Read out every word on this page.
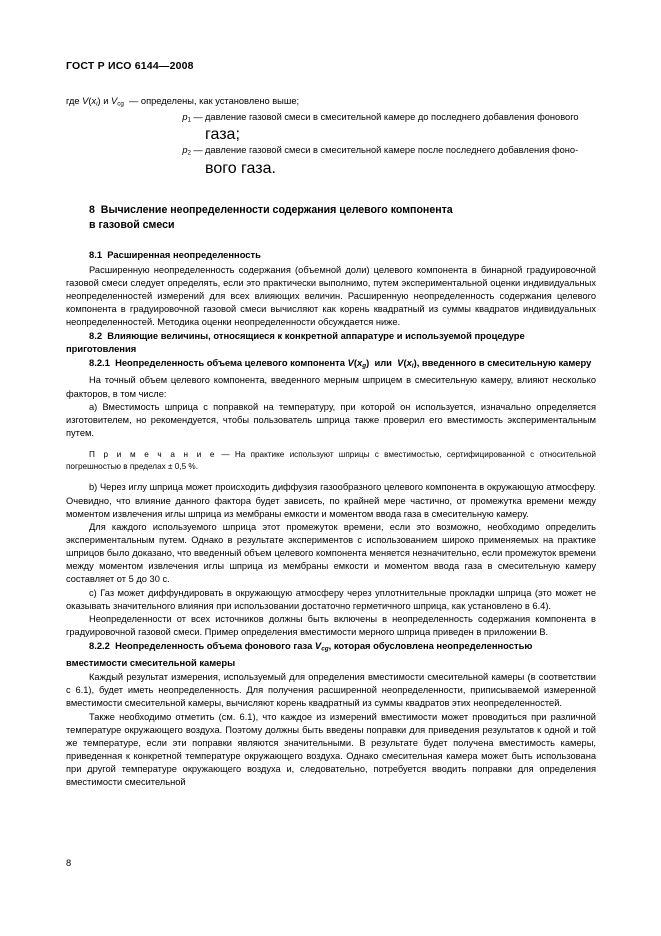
ГОСТ Р ИСО 6144—2008
где $V(x_i)$ и $V_{cg}$  — определены, как установлено выше;
$p_1$ — давление газовой смеси в смесительной камере до последнего добавления фонового
газа;
$p_2$ — давление газовой смеси в смесительной камере после последнего добавления фоно-
вого газа.
8 Вычисление неопределенности содержания целевого компонента
в газовой смеси
8.1 Расширенная неопределенность

Расширенную неопределенность содержания (объемной доли) целевого компонента в бинарной градуировочной газовой смеси следует определять, если это практически выполнимо, путем экспериментальной оценки индивидуальных неопределенностей измерений для всех влияющих величин. Расширенную неопределенность содержания целевого компонента в градуировочной газовой смеси вычисляют как корень квадратный из суммы квадратов индивидуальных неопределенностей. Методика оценки неопределенности обсуждается ниже.

8.2 Влияющие величины, относящиеся к конкретной аппаратуре и используемой процедуре приготовления
8.2.1 Неопределенность объема целевого компонента $V(x_g)$  или  $V(x_i)$, введенного в смесительную камеру

На точный объем целевого компонента, введенного мерным шприцем в смесительную камеру, влияют несколько факторов, в том числе:

а) Вместимость шприца с поправкой на температуру, при которой он используется, изначально определяется изготовителем, но рекомендуется, чтобы пользователь шприца также проверил его вместимость экспериментальным путем.

П р и м е ч а н и е — На практике используют шприцы с вместимостью, сертифицированной с относительной погрешностью в пределах ± 0,5 %.

b) Через иглу шприца может происходить диффузия газообразного целевого компонента в окружающую атмосферу. Очевидно, что влияние данного фактора будет зависеть, по крайней мере частично, от промежутка времени между моментом извлечения иглы шприца из мембраны емкости и моментом ввода газа в смесительную камеру.

Для каждого используемого шприца этот промежуток времени, если это возможно, необходимо определить экспериментальным путем. Однако в результате экспериментов с использованием широко применяемых на практике шприцов было доказано, что введенный объем целевого компонента меняется незначительно, если промежуток времени между моментом извлечения иглы шприца из мембраны емкости и моментом ввода газа в смесительную камеру составляет от 5 до 30 с.

с) Газ может диффундировать в окружающую атмосферу через уплотнительные прокладки шприца (это может не оказывать значительного влияния при использовании достаточно герметичного шприца, как установлено в 6.4).

Неопределенности от всех источников должны быть включены в неопределенность содержания компонента в градуировочной газовой смеси. Пример определения вместимости мерного шприца приведен в приложении В.

8.2.2 Неопределенность объема фонового газа $V_{cg}$, которая обусловлена неопределенностью вместимости смесительной камеры

Каждый результат измерения, используемый для определения вместимости смесительной камеры (в соответствии с 6.1), будет иметь неопределенность. Для получения расширенной неопределенности, приписываемой измеренной вместимости смесительной камеры, вычисляют корень квадратный из суммы квадратов этих неопределенностей.

Также необходимо отметить (см. 6.1), что каждое из измерений вместимости может проводиться при различной температуре окружающего воздуха. Поэтому должны быть введены поправки для приведения результатов к одной и той же температуре, если эти поправки являются значительными. В результате будет получена вместимость камеры, приведенная к конкретной температуре окружающего воздуха. Однако смесительная камера может быть использована при другой температуре окружающего воздуха и, следовательно, потребуется вводить поправки для определения вместимости смесительной

8
